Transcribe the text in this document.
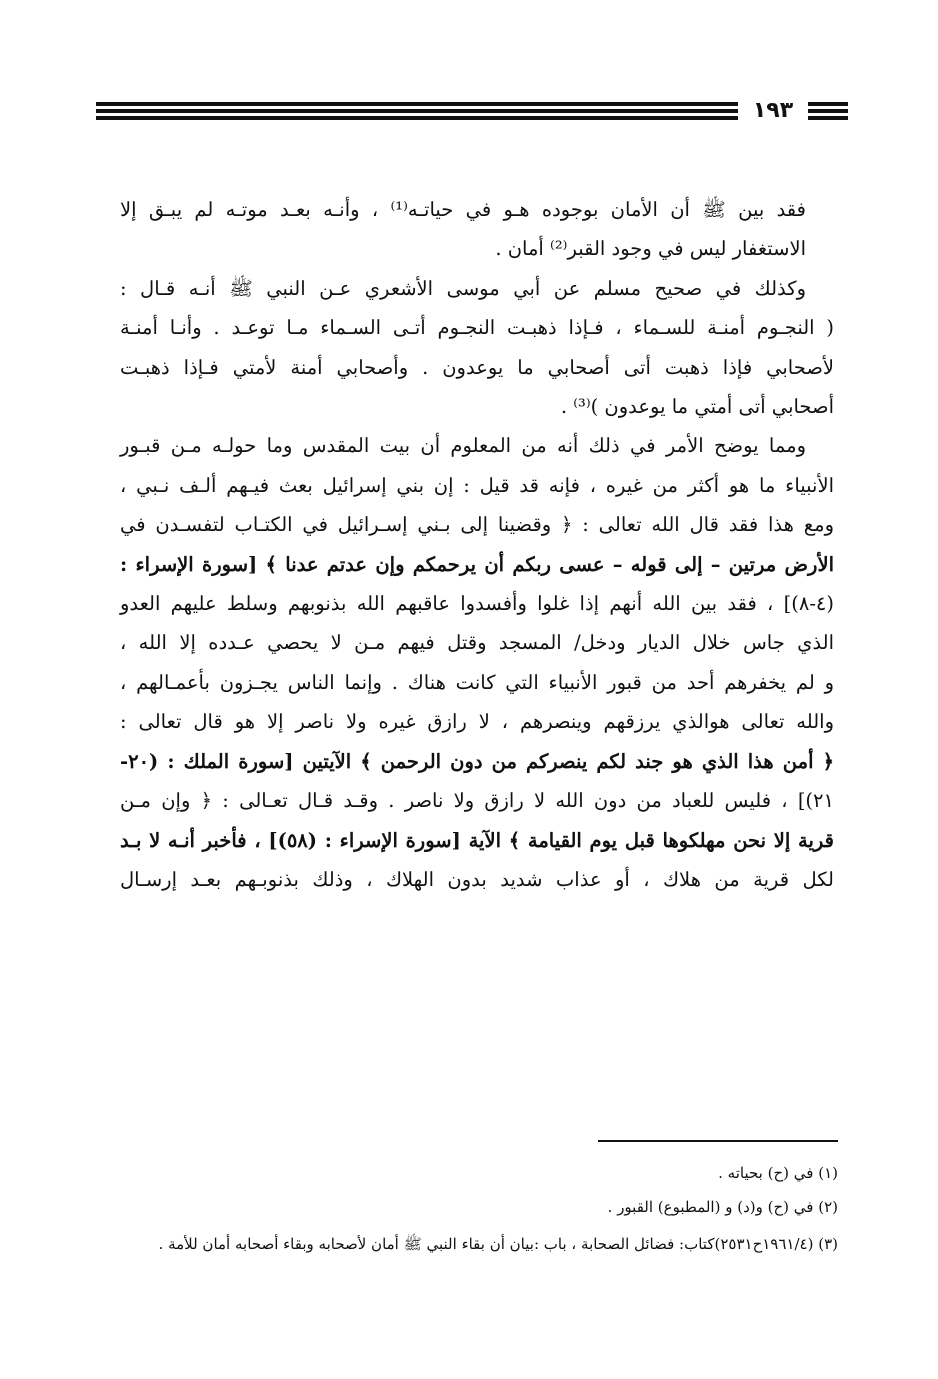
١٩٣

فقد بين ﷺ أن الأمان بوجوده هـو في حياتـه⁽¹⁾ ، وأنـه بعـد موتـه لم يبـق إلا
الاستغفار ليس في وجود القبر⁽²⁾ أمان .

وكذلك في صحيح مسلم عن أبي موسى الأشعري عـن النبي ﷺ أنـه قـال :
( النجـوم أمنـة للسـماء ، فـإذا ذهبـت النجـوم أتـى السـماء مـا توعـد . وأنـا أمنـة
لأصحابي فإذا ذهبت أتى أصحابي ما يوعدون . وأصحابي أمنة لأمتي فـإذا ذهبـت
أصحابي أتى أمتي ما يوعدون )⁽³⁾ .

ومما يوضح الأمر في ذلك أنه من المعلوم أن بيت المقدس وما حولـه مـن قبـور
الأنبياء ما هو أكثر من غيره ، فإنه قد قيل : إن بني إسرائيل بعث فيـهم ألـف نـبي ،
ومع هذا فقد قال الله تعالى : ﴿ وقضينا إلى بـني إسـرائيل في الكتـاب لتفسـدن في
الأرض مرتين – إلى قوله – عسى ربكم أن يرحمكم وإن عدتم عدنا ﴾ [سورة الإسراء :
(٤-٨)] ، فقد بين الله أنهم إذا غلوا وأفسدوا عاقبهم الله بذنوبهم وسلط عليهم العدو
الذي جاس خلال الديار ودخل/ المسجد وقتل فيهم مـن لا يحصي عـدده إلا الله ،
و لم يخفرهم أحد من قبور الأنبياء التي كانت هناك . وإنما الناس يجـزون بأعمـالهم ،
والله تعالى هوالذي يرزقهم وينصرهم ، لا رازق غيره ولا ناصر إلا هو قال تعالى :
﴿ أمن هذا الذي هو جند لكم ينصركم من دون الرحمن ﴾ الآيتين [سورة الملك : (٢٠-
٢١)] ، فليس للعباد من دون الله لا رازق ولا ناصر . وقـد قـال تعـالى : ﴿ وإن مـن
قرية إلا نحن مهلكوها قبل يوم القيامة ﴾ الآية [سورة الإسراء : (٥٨)] ، فأخبر أنـه لا بـد
لكل قرية من هلاك ، أو عذاب شديد بدون الهلاك ، وذلك بذنوبـهم بعـد إرسـال

(١) في (ح) بحياته .
(٢) في (ح) و(د) و (المطبوع) القبور .
(٣) (١٩٦١/٤ح٢٥٣١)كتاب: فضائل الصحابة ، باب :بيان أن بقاء النبي ﷺ أمان لأصحابه وبقاء أصحابه أمان للأمة .
